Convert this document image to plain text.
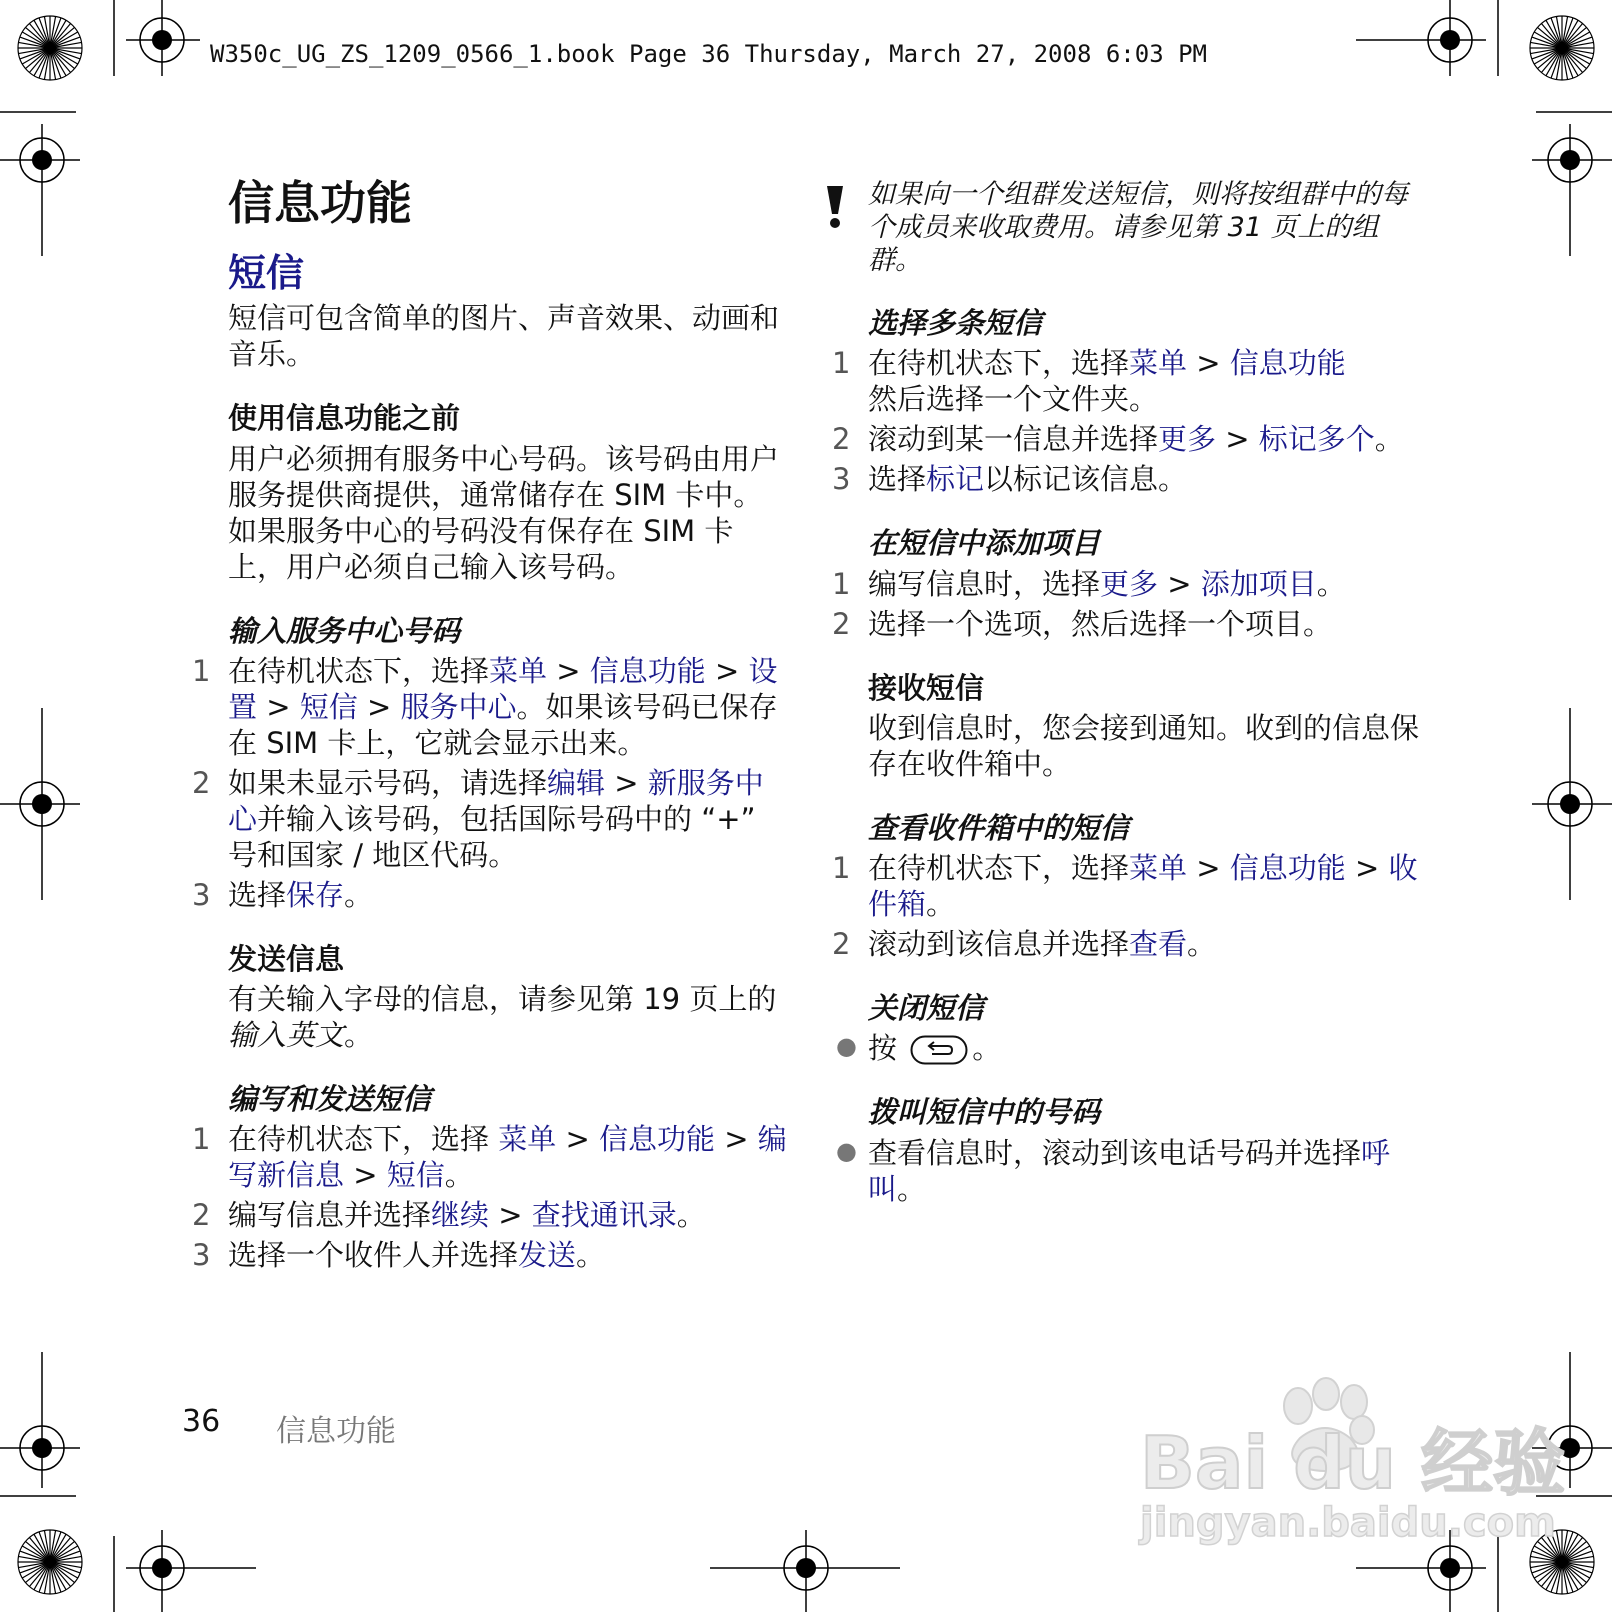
W350c_UG_ZS_1209_0566_1.book Page 36 Thursday, March 27, 2008 6:03 PM
信息功能
短信

短信可包含简单的图片、声音效果、动画和音乐。

使用信息功能之前

用户必须拥有服务中心号码。该号码由用户服务提供商提供，通常储存在 SIM 卡中。如果服务中心的号码没有保存在 SIM 卡上，用户必须自己输入该号码。

输入服务中心号码
1 在待机状态下，选择菜单 > 信息功能 > 设置 > 短信 > 服务中心。如果该号码已保存在 SIM 卡上，它就会显示出来。
2 如果未显示号码，请选择编辑 > 新服务中心并输入该号码，包括国际号码中的 “+” 号和国家 / 地区代码。
3 选择保存。
发送信息

有关输入字母的信息，请参见第 19 页上的输入英文。

编写和发送短信
1 在待机状态下，选择 菜单 > 信息功能 > 编写新信息 > 短信。
2 编写信息并选择继续 > 查找通讯录。
3 选择一个收件人并选择发送。
如果向一个组群发送短信，则将按组群中的每个成员来收取费用。请参见第 31 页上的组群。
选择多条短信
1 在待机状态下，选择菜单 > 信息功能
然后选择一个文件夹。
2 滚动到某一信息并选择更多 > 标记多个。
3 选择标记以标记该信息。
在短信中添加项目
1 编写信息时，选择更多 > 添加项目。
2 选择一个选项，然后选择一个项目。
接收短信

收到信息时，您会接到通知。收到的信息保存在收件箱中。

查看收件箱中的短信
1 在待机状态下，选择菜单 > 信息功能 > 收件箱。
2 滚动到该信息并选择查看。
关闭短信
● 按	。
拨叫短信中的号码
● 查看信息时，滚动到该电话号码并选择呼叫。
36 信息功能	Bai du 经验
jingyan.baidu.com
